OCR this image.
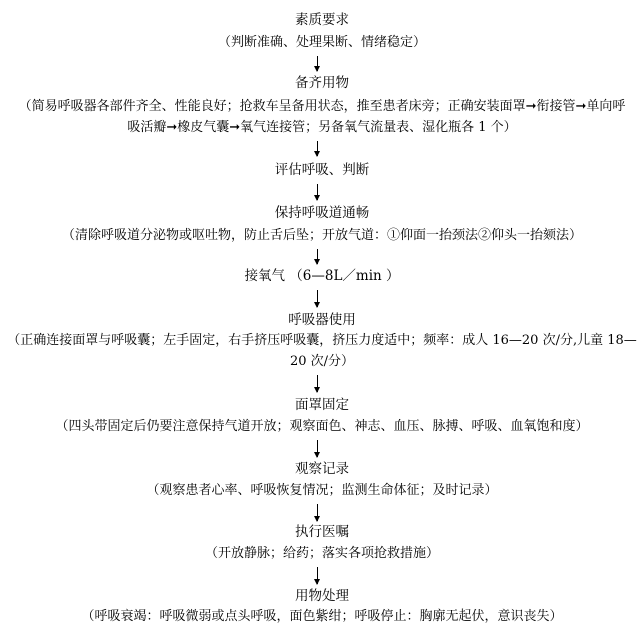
素质要求
（判断准确、处理果断、情绪稳定）
备齐用物
（简易呼吸器各部件齐全、性能良好；抢救车呈备用状态，推至患者床旁；正确安装面罩➞衔接管➞单向呼
吸活瓣➞橡皮气囊➞氧气连接管；另备氧气流量表、湿化瓶各 1 个）
评估呼吸、判断
保持呼吸道通畅
（清除呼吸道分泌物或呕吐物，防止舌后坠；开放气道：①仰面一抬颈法②仰头一抬颏法）
接氧气 （6—8L／min ）
呼吸器使用
（正确连接面罩与呼吸囊；左手固定，右手挤压呼吸囊，挤压力度适中；频率：成人 16—20 次/分,儿童 18—
20 次/分）
面罩固定
（四头带固定后仍要注意保持气道开放；观察面色、神志、血压、脉搏、呼吸、血氧饱和度）
观察记录
（观察患者心率、呼吸恢复情况；监测生命体征；及时记录）
执行医嘱
（开放静脉；给药；落实各项抢救措施）
用物处理
（呼吸衰竭：呼吸微弱或点头呼吸，面色紫绀；呼吸停止：胸廓无起伏，意识丧失）
